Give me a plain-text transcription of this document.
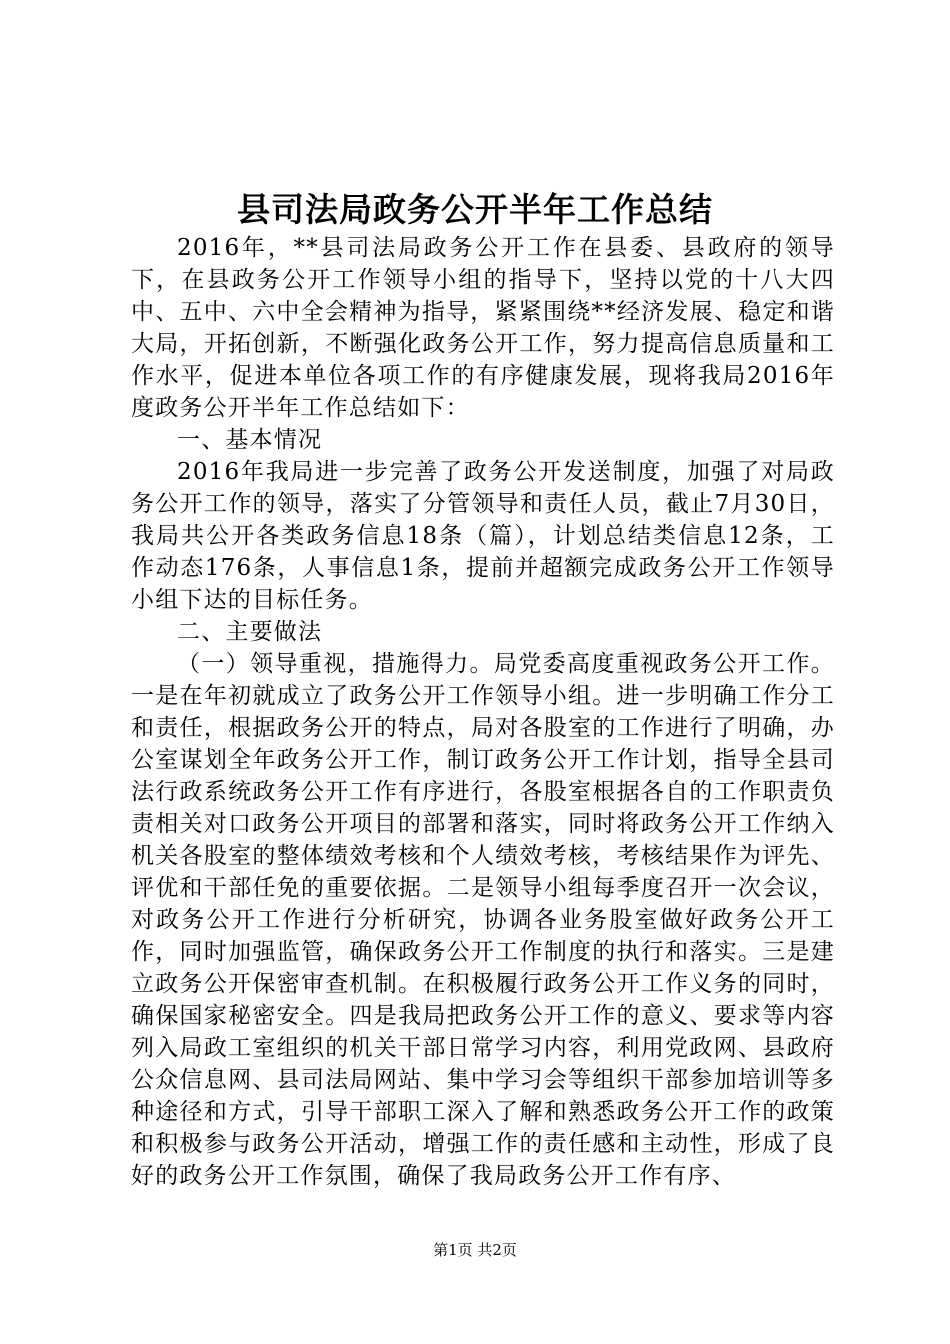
县司法局政务公开半年工作总结

2016年，**县司法局政务公开工作在县委、县政府的领导下，在县政务公开工作领导小组的指导下，坚持以党的十八大四中、五中、六中全会精神为指导，紧紧围绕**经济发展、稳定和谐大局，开拓创新，不断强化政务公开工作，努力提高信息质量和工作水平，促进本单位各项工作的有序健康发展，现将我局2016年度政务公开半年工作总结如下：

一、基本情况

2016年我局进一步完善了政务公开发送制度，加强了对局政务公开工作的领导，落实了分管领导和责任人员，截止7月30日，我局共公开各类政务信息18条（篇），计划总结类信息12条，工作动态176条，人事信息1条，提前并超额完成政务公开工作领导小组下达的目标任务。

二、主要做法

（一）领导重视，措施得力。局党委高度重视政务公开工作。一是在年初就成立了政务公开工作领导小组。进一步明确工作分工和责任，根据政务公开的特点，局对各股室的工作进行了明确，办公室谋划全年政务公开工作，制订政务公开工作计划，指导全县司法行政系统政务公开工作有序进行，各股室根据各自的工作职责负责相关对口政务公开项目的部署和落实，同时将政务公开工作纳入机关各股室的整体绩效考核和个人绩效考核，考核结果作为评先、评优和干部任免的重要依据。二是领导小组每季度召开一次会议，对政务公开工作进行分析研究，协调各业务股室做好政务公开工作，同时加强监管，确保政务公开工作制度的执行和落实。三是建立政务公开保密审查机制。在积极履行政务公开工作义务的同时，确保国家秘密安全。四是我局把政务公开工作的意义、要求等内容列入局政工室组织的机关干部日常学习内容，利用党政网、县政府公众信息网、县司法局网站、集中学习会等组织干部参加培训等多种途径和方式，引导干部职工深入了解和熟悉政务公开工作的政策和积极参与政务公开活动，增强工作的责任感和主动性，形成了良好的政务公开工作氛围，确保了我局政务公开工作有序、

第1页 共2页
